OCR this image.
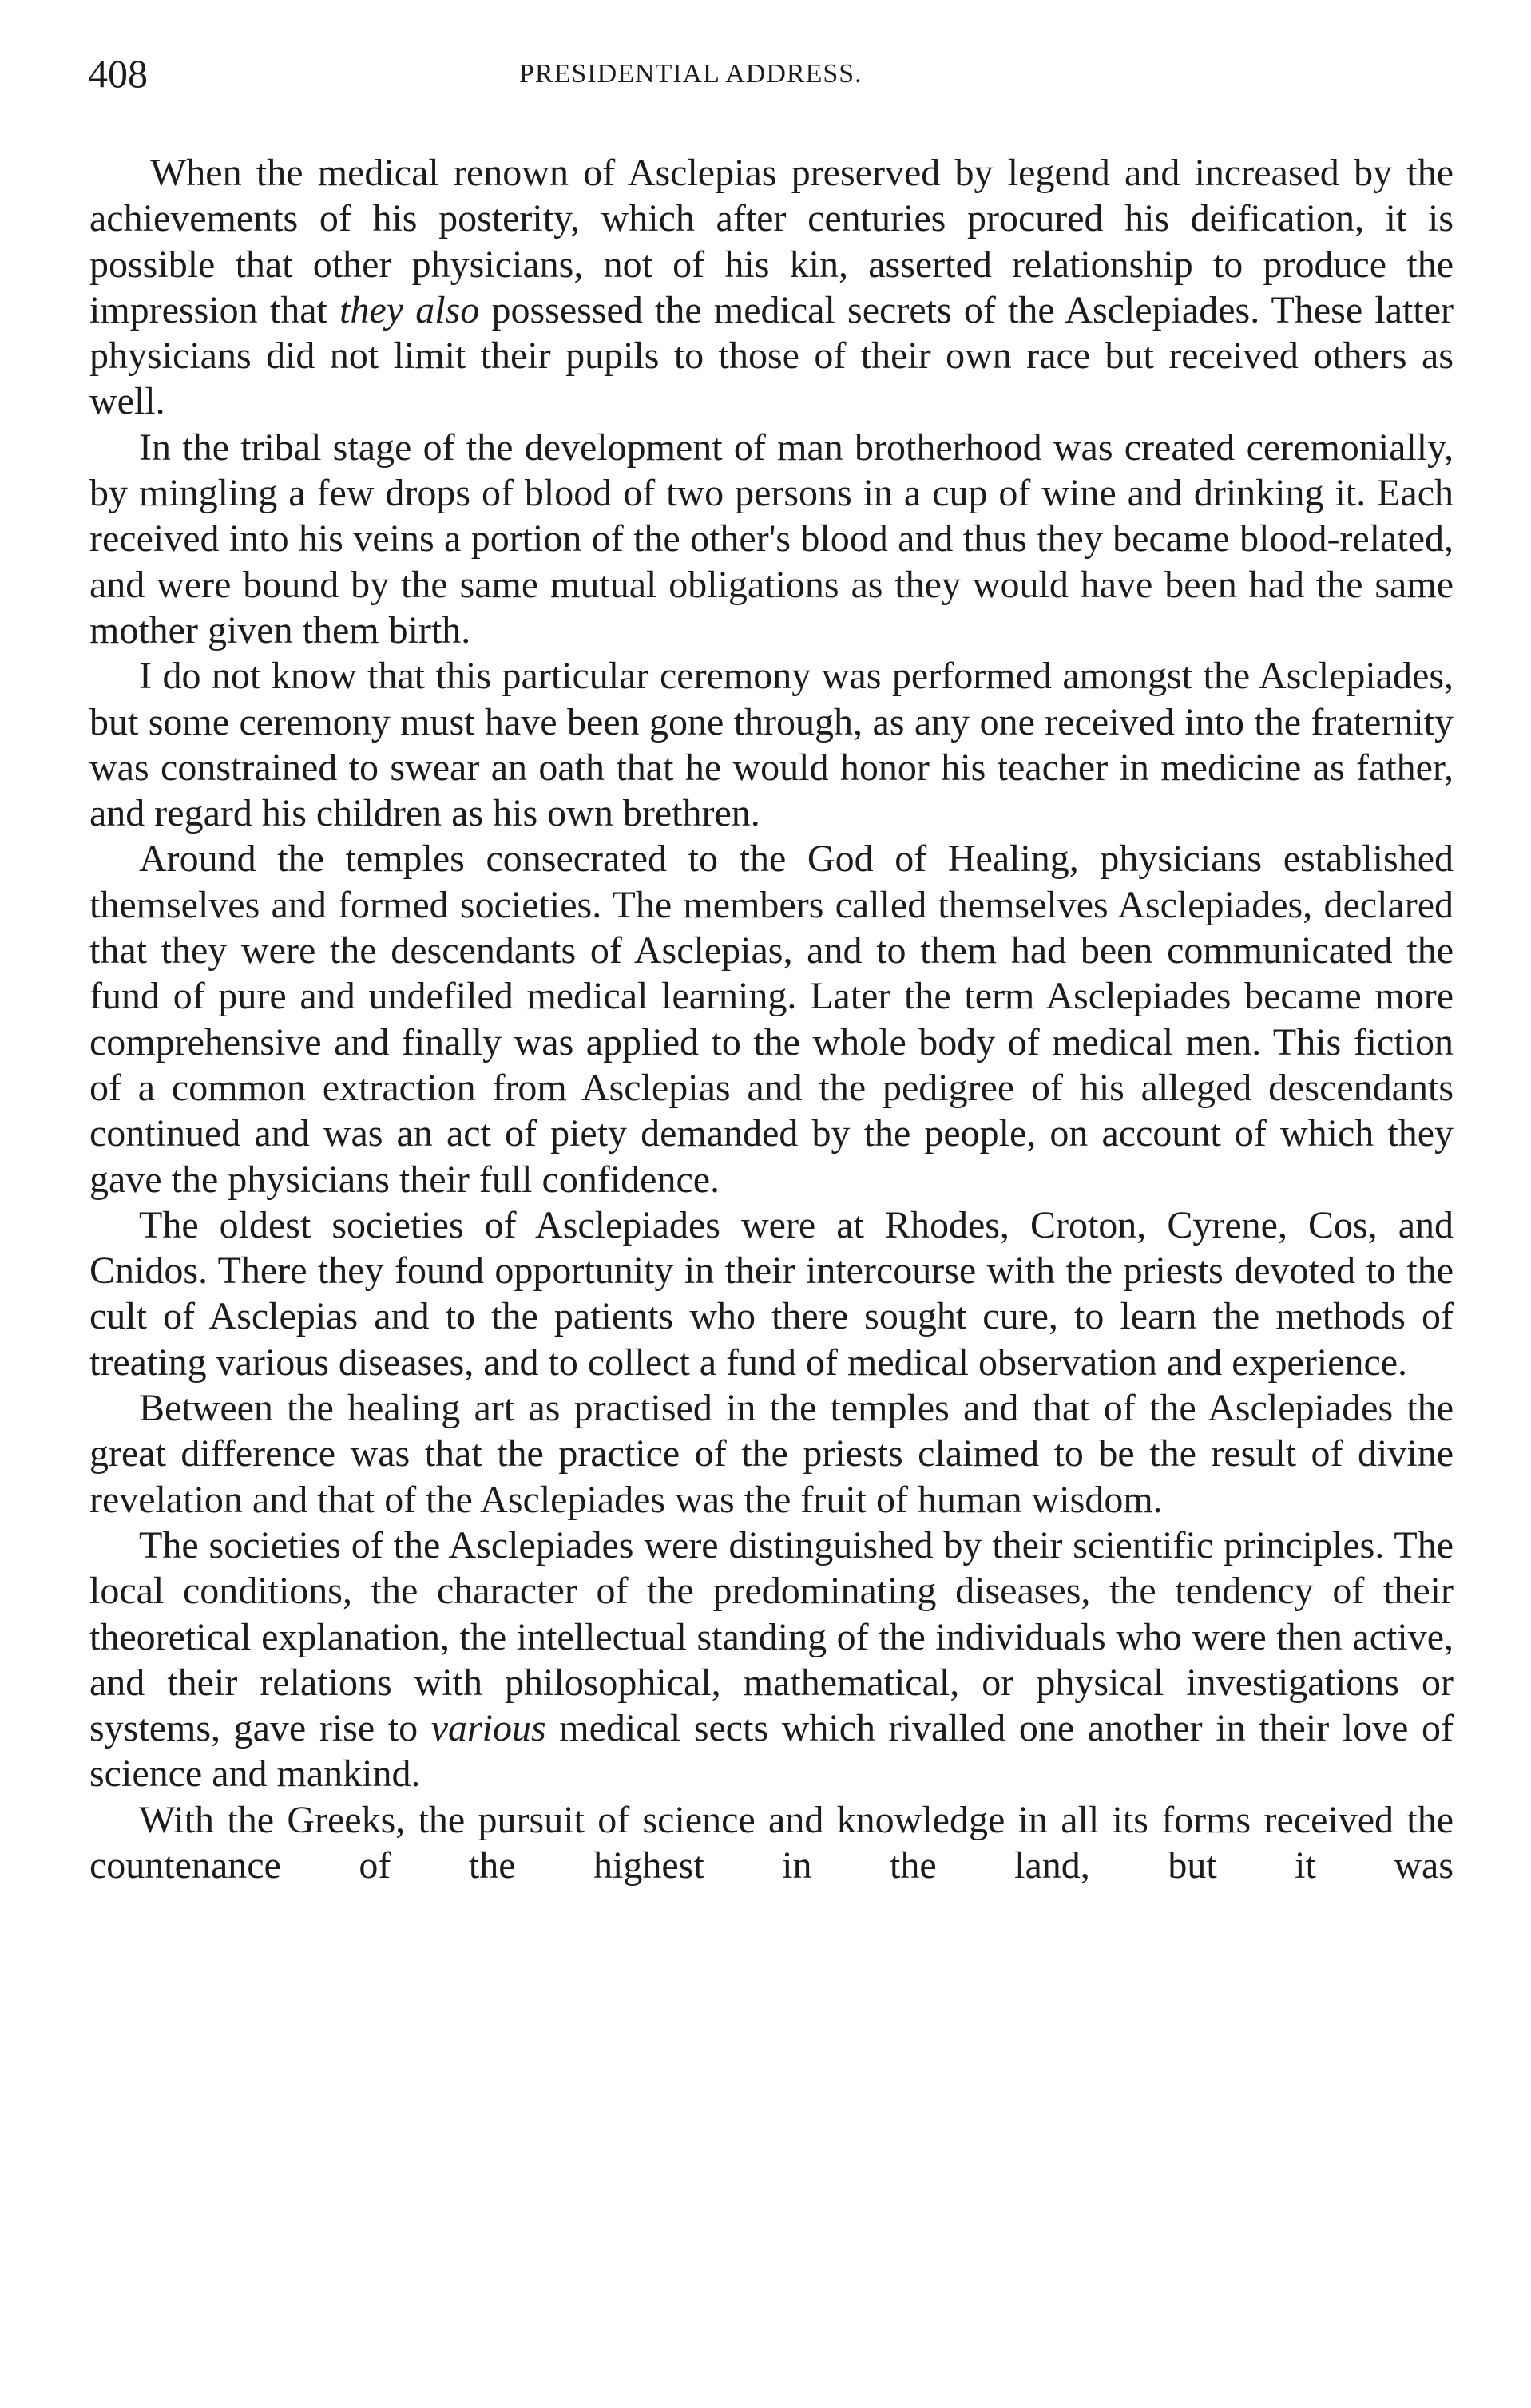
408	PRESIDENTIAL ADDRESS.

When the medical renown of Asclepias preserved by legend and increased by the achievements of his posterity, which after centuries procured his deification, it is possible that other physicians, not of his kin, asserted relationship to produce the impression that they also possessed the medical secrets of the Asclepiades. These latter physicians did not limit their pupils to those of their own race but received others as well.

In the tribal stage of the development of man brotherhood was created ceremonially, by mingling a few drops of blood of two persons in a cup of wine and drinking it. Each received into his veins a portion of the other's blood and thus they became blood-related, and were bound by the same mutual obligations as they would have been had the same mother given them birth.

I do not know that this particular ceremony was performed amongst the Asclepiades, but some ceremony must have been gone through, as any one received into the fraternity was constrained to swear an oath that he would honor his teacher in medicine as father, and regard his children as his own brethren.

Around the temples consecrated to the God of Healing, physicians established themselves and formed societies. The members called themselves Asclepiades, declared that they were the descendants of Asclepias, and to them had been communicated the fund of pure and undefiled medical learning. Later the term Asclepiades became more comprehensive and finally was applied to the whole body of medical men. This fiction of a common extraction from Asclepias and the pedigree of his alleged descendants continued and was an act of piety demanded by the people, on account of which they gave the physicians their full confidence.

The oldest societies of Asclepiades were at Rhodes, Croton, Cyrene, Cos, and Cnidos. There they found opportunity in their intercourse with the priests devoted to the cult of Asclepias and to the patients who there sought cure, to learn the methods of treating various diseases, and to collect a fund of medical observation and experience.

Between the healing art as practised in the temples and that of the Asclepiades the great difference was that the practice of the priests claimed to be the result of divine revelation and that of the Asclepiades was the fruit of human wisdom.

The societies of the Asclepiades were distinguished by their scientific principles. The local conditions, the character of the predominating diseases, the tendency of their theoretical explanation, the intellectual standing of the individuals who were then active, and their relations with philosophical, mathematical, or physical investigations or systems, gave rise to various medical sects which rivalled one another in their love of science and mankind.

With the Greeks, the pursuit of science and knowledge in all its forms received the countenance of the highest in the land, but it was
